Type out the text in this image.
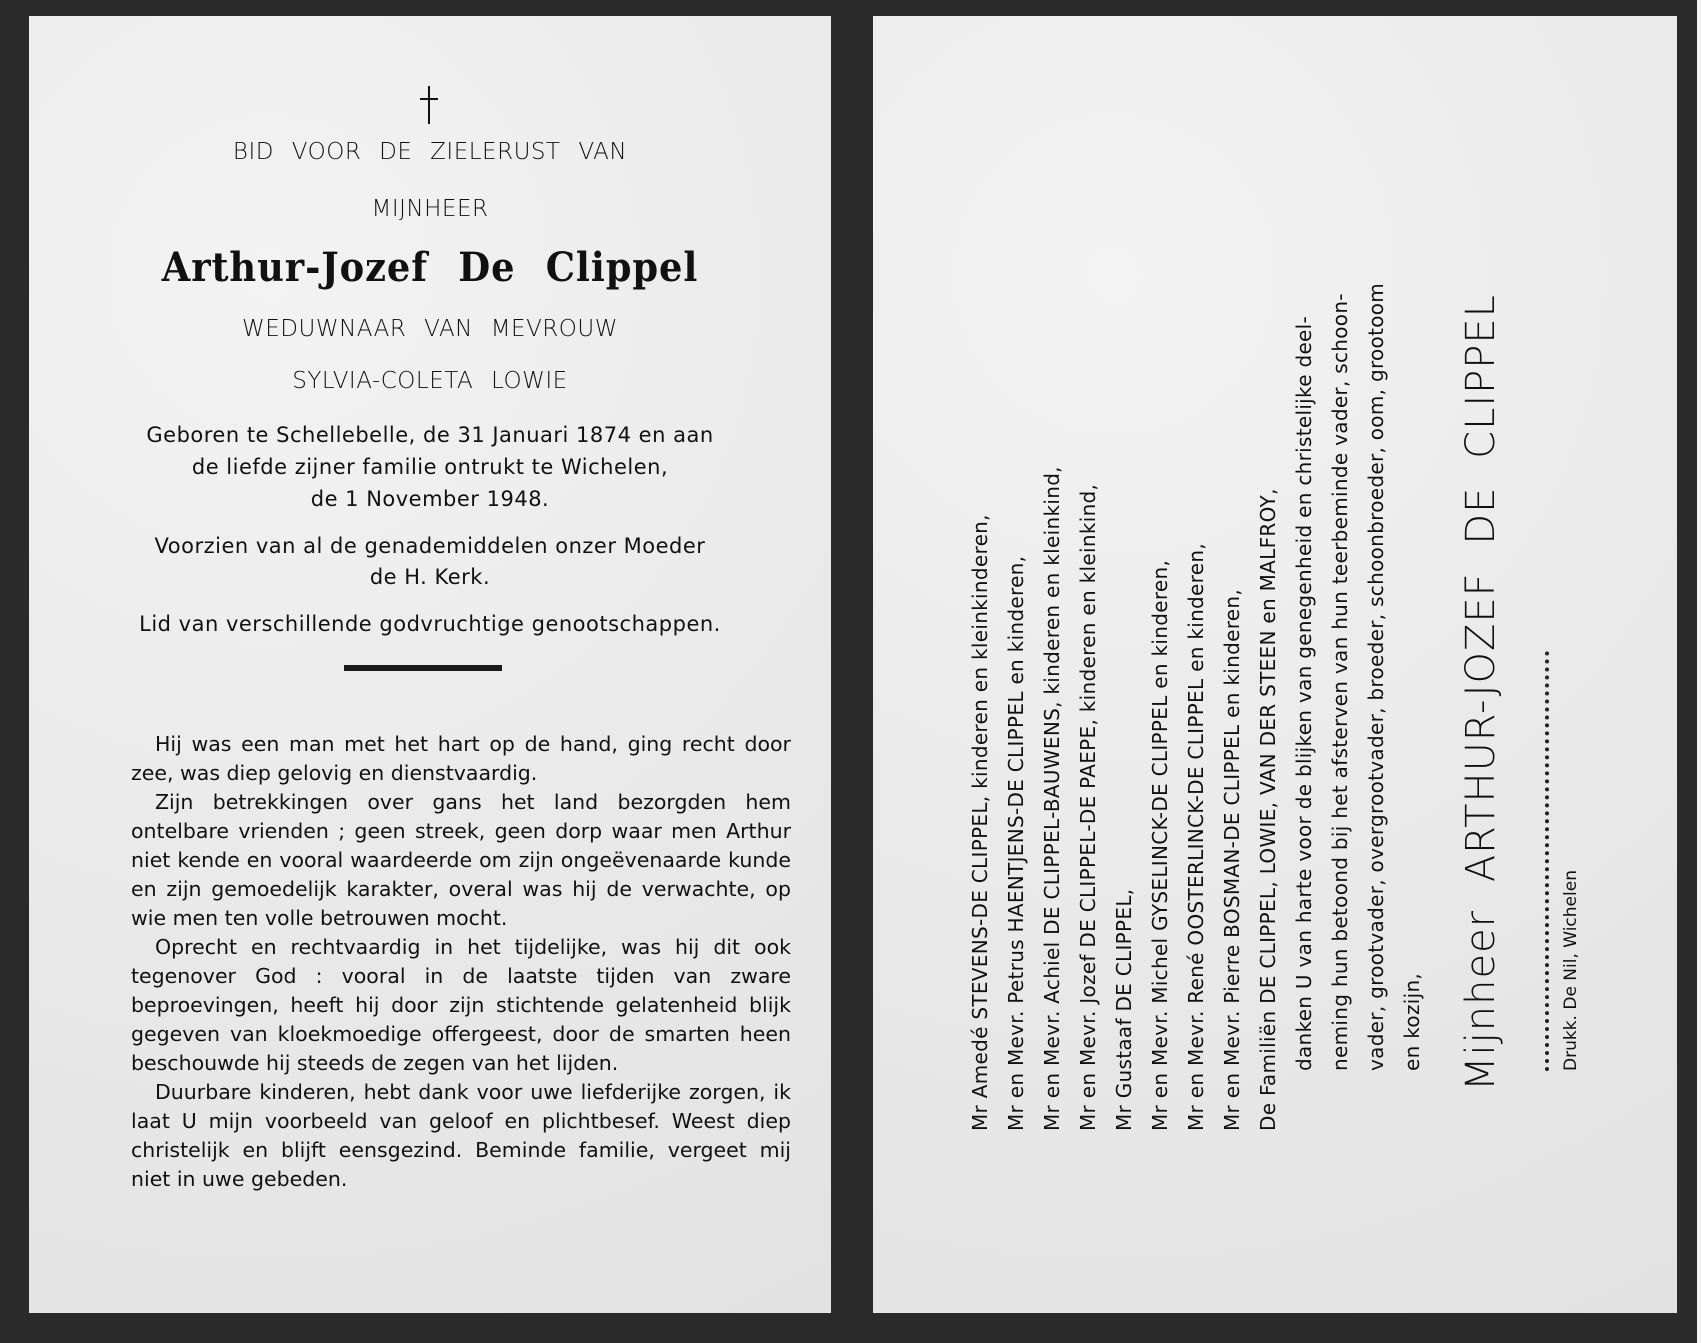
BID VOOR DE ZIELERUST VAN
MIJNHEER
Arthur-Jozef De Clippel
WEDUWNAAR VAN MEVROUW
SYLVIA-COLETA LOWIE
Geboren te Schellebelle, de 31 Januari 1874 en aan
de liefde zijner familie ontrukt te Wichelen,
de 1 November 1948.
Voorzien van al de genademiddelen onzer Moeder
de H. Kerk.
Lid van verschillende godvruchtige genootschappen.

Hij was een man met het hart op de hand, ging recht door zee, was diep gelovig en dienstvaardig.

Zijn betrekkingen over gans het land bezorgden hem ontelbare vrienden ; geen streek, geen dorp waar men Arthur niet kende en vooral waardeerde om zijn ongeëvenaarde kunde en zijn gemoedelijk karakter, overal was hij de verwachte, op wie men ten volle betrouwen mocht.

Oprecht en rechtvaardig in het tijdelijke, was hij dit ook tegenover God : vooral in de laatste tijden van zware beproevingen, heeft hij door zijn stichtende gelatenheid blijk gegeven van kloekmoedige offergeest, door de smarten heen beschouwde hij steeds de zegen van het lijden.

Duurbare kinderen, hebt dank voor uwe liefderijke zorgen, ik laat U mijn voorbeeld van geloof en plichtbesef. Weest diep christelijk en blijft eensgezind. Beminde familie, vergeet mij niet in uwe gebeden.

Mr Amedé STEVENS-DE CLIPPEL, kinderen en kleinkinderen, Mr en Mevr. Petrus HAENTJENS-DE CLIPPEL en kinderen, Mr en Mevr. Achiel DE CLIPPEL-BAUWENS, kinderen en kleinkind, Mr en Mevr. Jozef DE CLIPPEL-DE PAEPE, kinderen en kleinkind, Mr Gustaaf DE CLIPPEL, Mr en Mevr. Michel GYSELINCK-DE CLIPPEL en kinderen, Mr en Mevr. René OOSTERLINCK-DE CLIPPEL en kinderen, Mr en Mevr. Pierre BOSMAN-DE CLIPPEL en kinderen, De Familiën DE CLIPPEL, LOWIE, VAN DER STEEN en MALFROY, danken U van harte voor de blijken van genegenheid en christelijke deel- neming hun betoond bij het afsterven van hun teerbeminde vader, schoon- vader, grootvader, overgrootvader, broeder, schoonbroeder, oom, grootoom en kozijn, Mijnheer ARTHUR-JOZEF DE CLIPPEL	Drukk. De Nil, Wichelen
